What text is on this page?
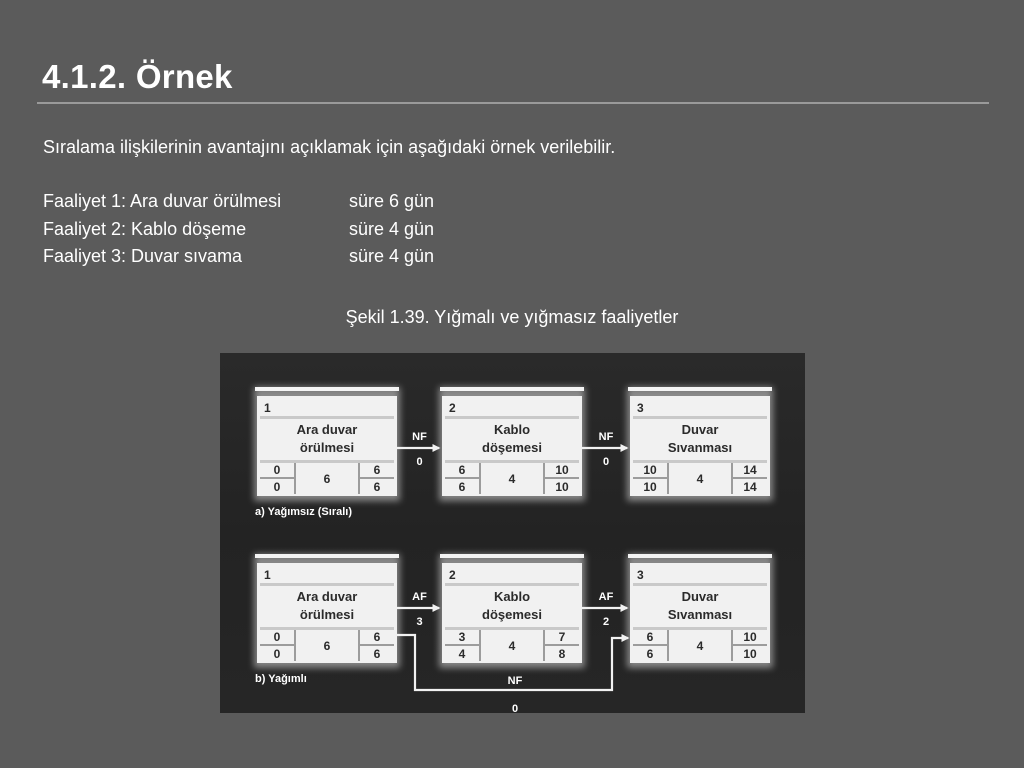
4.1.2. Örnek
Sıralama ilişkilerinin avantajını açıklamak için aşağıdaki örnek verilebilir.
Faaliyet 1: Ara duvar örülmesi	süre 6 gün
Faaliyet 2: Kablo döşeme	süre 4 gün
Faaliyet 3: Duvar sıvama	süre 4 gün
Şekil 1.39. Yığmalı ve yığmasız faaliyetler
1
Ara duvar
örülmesi
0
0
6
6
6
2
Kablo
döşemesi
6
6
4
10
10
3
Duvar
Sıvanması
10
10
4
14
14
NF
0
NF
0
a) Yağımsız (Sıralı)
1
Ara duvar
örülmesi
0
0
6
6
6
2
Kablo
döşemesi
3
4
4
7
8
3
Duvar
Sıvanması
6
6
4
10
10
AF
3
AF
2
b) Yağımlı	NF
0
